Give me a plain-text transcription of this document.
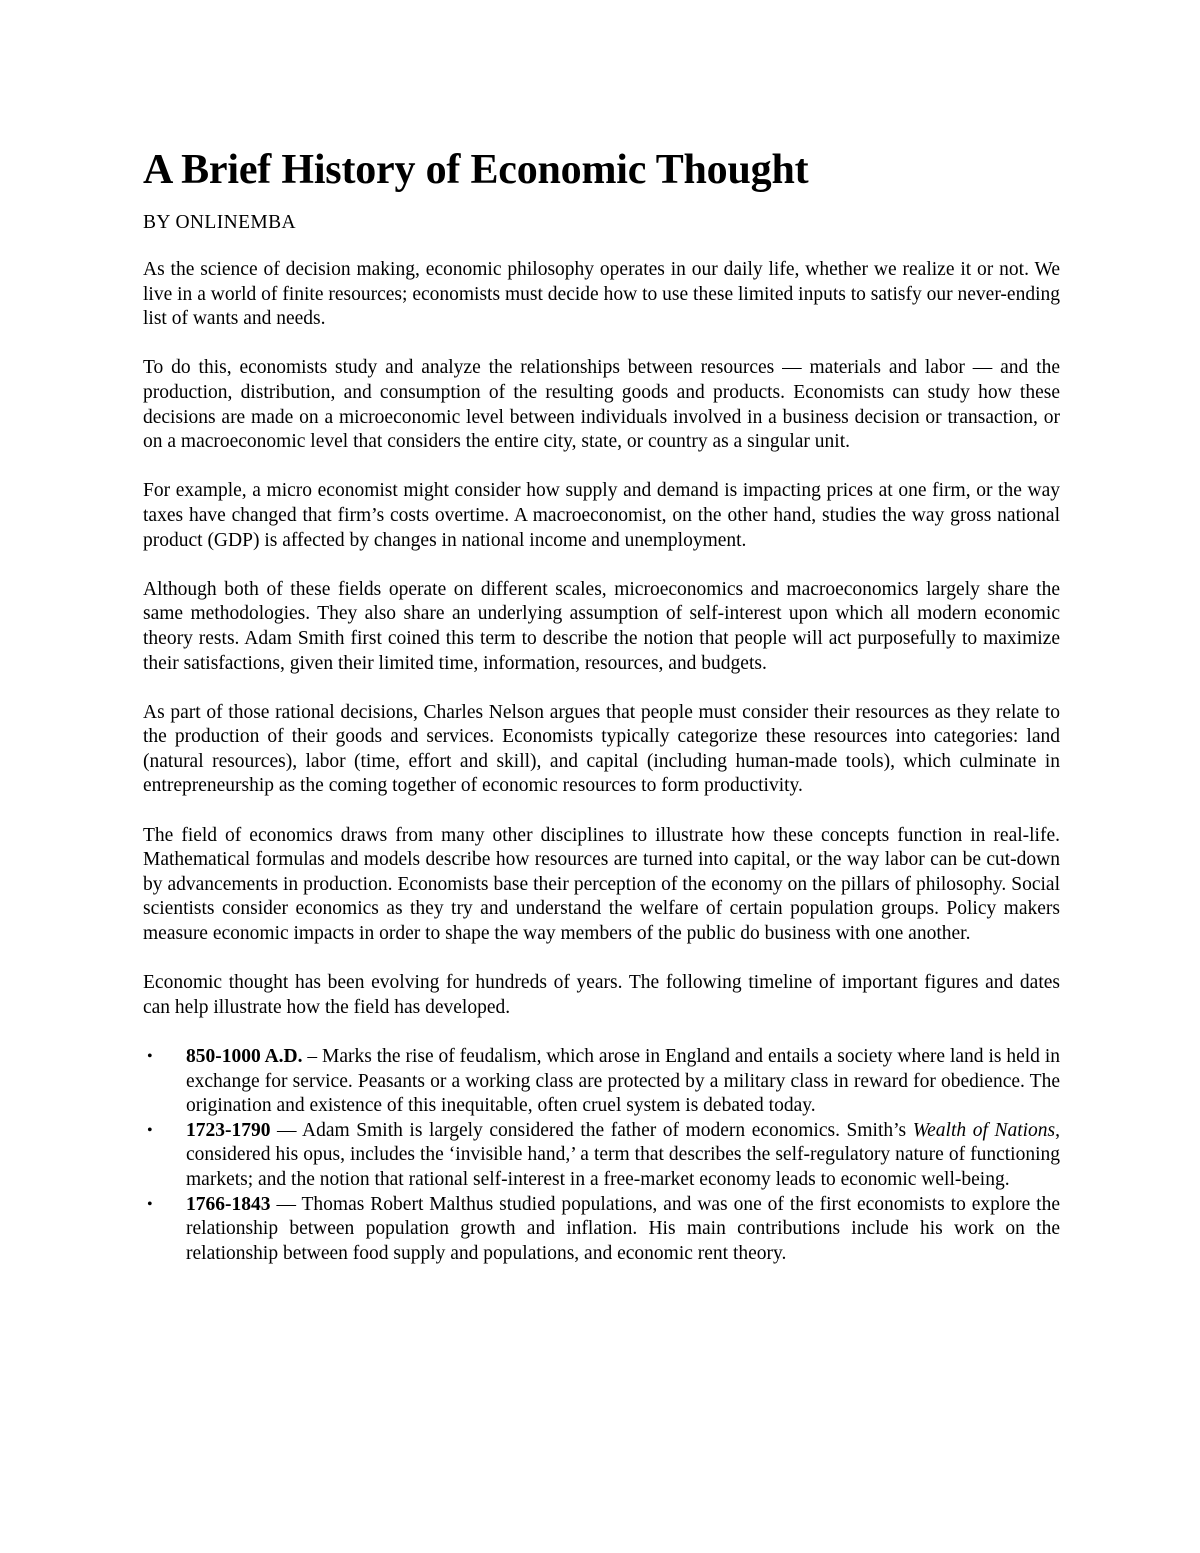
A Brief History of Economic Thought
BY ONLINEMBA

As the science of decision making, economic philosophy operates in our daily life, whether we realize it or not. We live in a world of finite resources; economists must decide how to use these limited inputs to satisfy our never-ending list of wants and needs.

To do this, economists study and analyze the relationships between resources — materials and labor — and the production, distribution, and consumption of the resulting goods and products. Economists can study how these decisions are made on a microeconomic level between individuals involved in a business decision or transaction, or on a macroeconomic level that considers the entire city, state, or country as a singular unit.

For example, a micro economist might consider how supply and demand is impacting prices at one firm, or the way taxes have changed that firm’s costs overtime. A macroeconomist, on the other hand, studies the way gross national product (GDP) is affected by changes in national income and unemployment.

Although both of these fields operate on different scales, microeconomics and macroeconomics largely share the same methodologies. They also share an underlying assumption of self-interest upon which all modern economic theory rests. Adam Smith first coined this term to describe the notion that people will act purposefully to maximize their satisfactions, given their limited time, information, resources, and budgets.

As part of those rational decisions, Charles Nelson argues that people must consider their resources as they relate to the production of their goods and services. Economists typically categorize these resources into categories: land (natural resources), labor (time, effort and skill), and capital (including human-made tools), which culminate in entrepreneurship as the coming together of economic resources to form productivity.

The field of economics draws from many other disciplines to illustrate how these concepts function in real-life. Mathematical formulas and models describe how resources are turned into capital, or the way labor can be cut-down by advancements in production. Economists base their perception of the economy on the pillars of philosophy. Social scientists consider economics as they try and understand the welfare of certain population groups. Policy makers measure economic impacts in order to shape the way members of the public do business with one another.

Economic thought has been evolving for hundreds of years. The following timeline of important figures and dates can help illustrate how the field has developed.

• 850-1000 A.D. – Marks the rise of feudalism, which arose in England and entails a society where land is held in exchange for service. Peasants or a working class are protected by a military class in reward for obedience. The origination and existence of this inequitable, often cruel system is debated today.
• 1723-1790 — Adam Smith is largely considered the father of modern economics. Smith’s Wealth of Nations, considered his opus, includes the ‘invisible hand,’ a term that describes the self-regulatory nature of functioning markets; and the notion that rational self-interest in a free-market economy leads to economic well-being.
• 1766-1843 — Thomas Robert Malthus studied populations, and was one of the first economists to explore the relationship between population growth and inflation. His main contributions include his work on the relationship between food supply and populations, and economic rent theory.
